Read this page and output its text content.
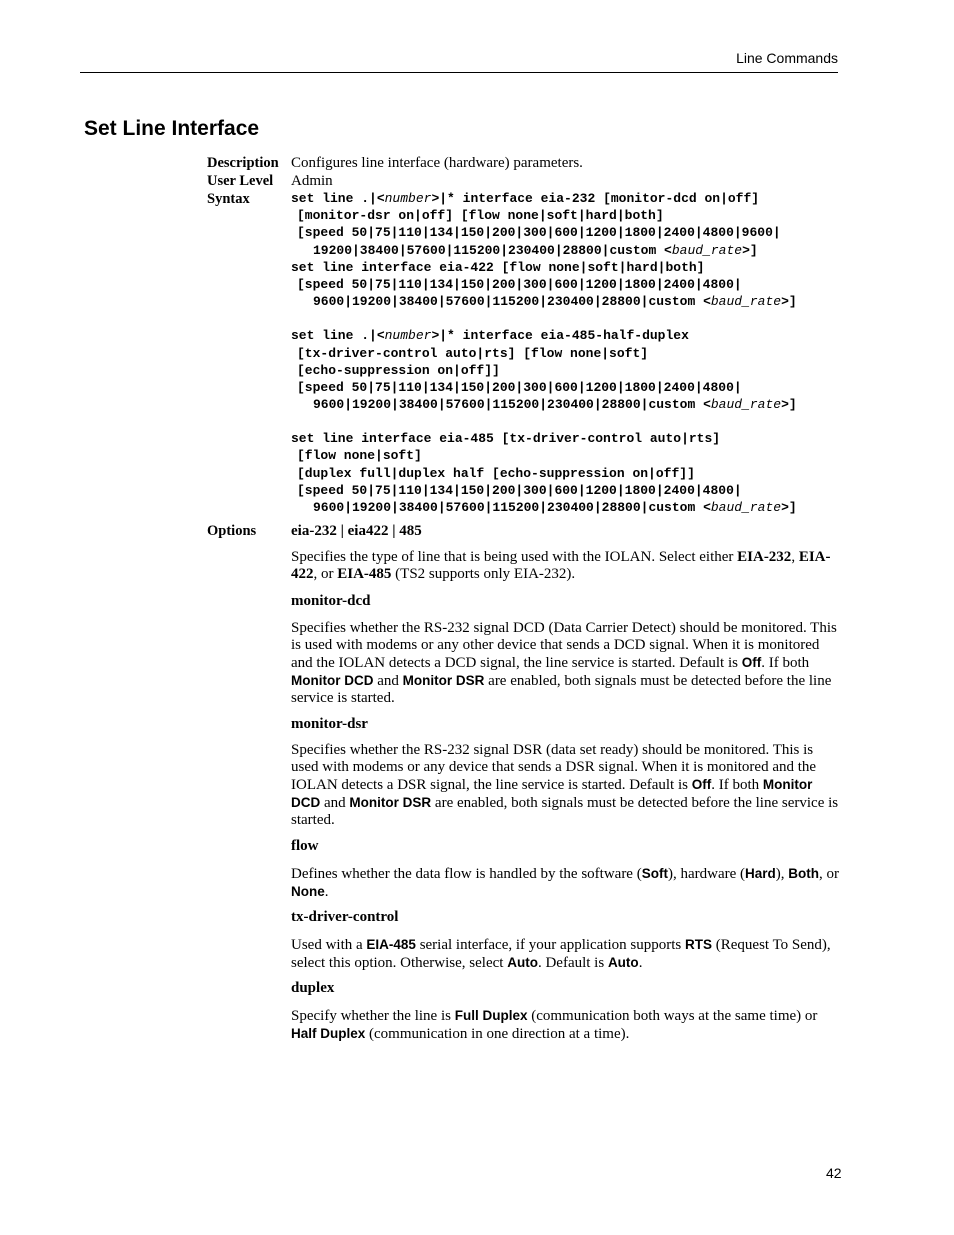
Line Commands
Set Line Interface
Description Configures line interface (hardware) parameters.
User Level Admin
Syntax	set line .|<number>|* interface eia-232 [monitor-dcd on|off]
[monitor-dsr on|off] [flow none|soft|hard|both]
[speed 50|75|110|134|150|200|300|600|1200|1800|2400|4800|9600|
19200|38400|57600|115200|230400|28800|custom <baud_rate>]
set line interface eia-422 [flow none|soft|hard|both]
[speed 50|75|110|134|150|200|300|600|1200|1800|2400|4800|
9600|19200|38400|57600|115200|230400|28800|custom <baud_rate>]
set line .|<number>|* interface eia-485-half-duplex
[tx-driver-control auto|rts] [flow none|soft]
[echo-suppression on|off]]
[speed 50|75|110|134|150|200|300|600|1200|1800|2400|4800|
9600|19200|38400|57600|115200|230400|28800|custom <baud_rate>]
set line interface eia-485 [tx-driver-control auto|rts]
[flow none|soft]
[duplex full|duplex half [echo-suppression on|off]]
[speed 50|75|110|134|150|200|300|600|1200|1800|2400|4800|
9600|19200|38400|57600|115200|230400|28800|custom <baud_rate>]
Options eia-232 | eia422 | 485

Specifies the type of line that is being used with the IOLAN. Select either EIA-232, EIA-422, or EIA-485 (TS2 supports only EIA-232).

monitor-dcd

Specifies whether the RS-232 signal DCD (Data Carrier Detect) should be monitored. This is used with modems or any other device that sends a DCD signal. When it is monitored and the IOLAN detects a DCD signal, the line service is started. Default is Off. If both Monitor DCD and Monitor DSR are enabled, both signals must be detected before the line service is started.

monitor-dsr

Specifies whether the RS-232 signal DSR (data set ready) should be monitored. This is used with modems or any device that sends a DSR signal. When it is monitored and the IOLAN detects a DSR signal, the line service is started. Default is Off. If both Monitor DCD and Monitor DSR are enabled, both signals must be detected before the line service is started.

flow

Defines whether the data flow is handled by the software (Soft), hardware (Hard), Both, or None.

tx-driver-control

Used with a EIA-485 serial interface, if your application supports RTS (Request To Send), select this option. Otherwise, select Auto. Default is Auto.

duplex

Specify whether the line is Full Duplex (communication both ways at the same time) or Half Duplex (communication in one direction at a time).

42
